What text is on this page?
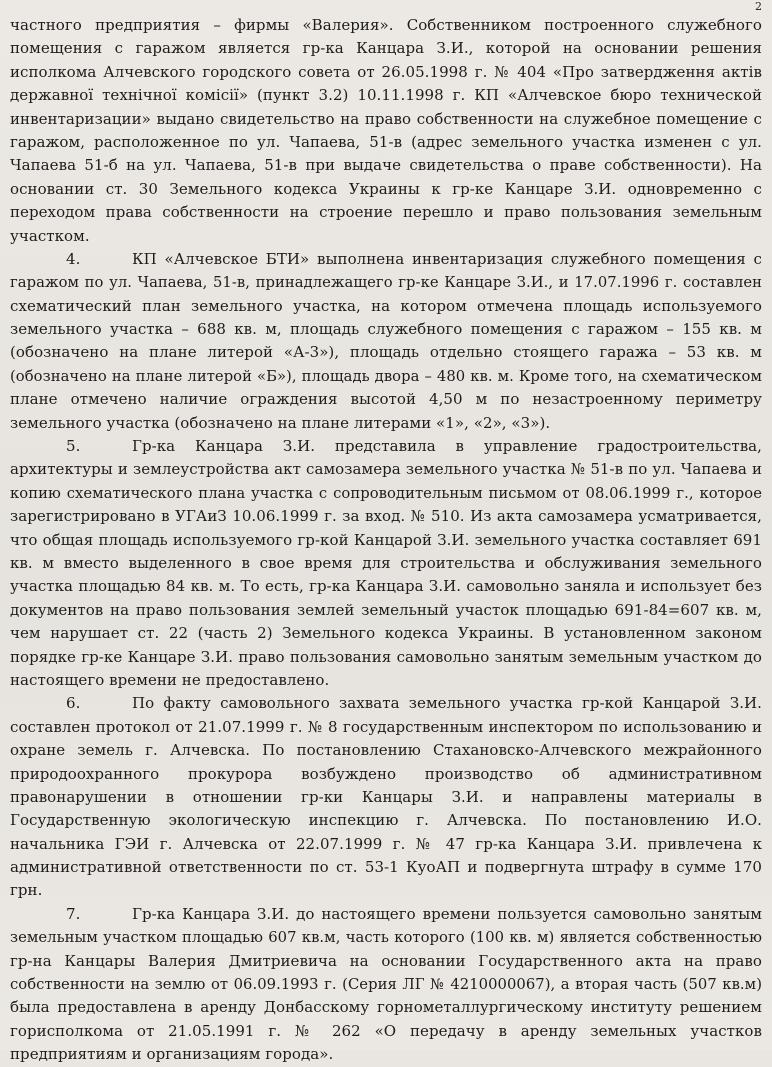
2
частного предприятия – фирмы «Валерия». Собственником построенного служебного
помещения с гаражом является гр-ка Канцара З.И., которой на основании решения
исполкома Алчевского городского совета от 26.05.1998 г. № 404 «Про затвердження актів
державної технічної комісії» (пункт 3.2) 10.11.1998 г. КП «Алчевское бюро технической
инвентаризации» выдано свидетельство на право собственности на служебное помещение с
гаражом, расположенное по ул. Чапаева, 51-в (адрес земельного участка изменен с ул.
Чапаева 51-б на ул. Чапаева, 51-в при выдаче свидетельства о праве собственности). На
основании ст. 30 Земельного кодекса Украины к гр-ке Канцаре З.И. одновременно с
переходом права собственности на строение перешло и право пользования земельным
участком.
4.	КП «Алчевское БТИ» выполнена инвентаризация служебного помещения с
гаражом по ул. Чапаева, 51-в, принадлежащего гр-ке Канцаре З.И., и 17.07.1996 г. составлен
схематический план земельного участка, на котором отмечена площадь используемого
земельного участка – 688 кв. м, площадь служебного помещения с гаражом – 155 кв. м
(обозначено на плане литерой «А-3»), площадь отдельно стоящего гаража – 53 кв. м
(обозначено на плане литерой «Б»), площадь двора – 480 кв. м. Кроме того, на схематическом
плане отмечено наличие ограждения высотой 4,50 м по незастроенному периметру
земельного участка (обозначено на плане литерами «1», «2», «3»).
5.	Гр-ка Канцара З.И. представила в управление градостроительства,
архитектуры и землеустройства акт самозамера земельного участка № 51-в по ул. Чапаева и
копию схематического плана участка с сопроводительным письмом от 08.06.1999 г., которое
зарегистрировано в УГАиЗ 10.06.1999 г. за вход. № 510. Из акта самозамера усматривается,
что общая площадь используемого гр-кой Канцарой З.И. земельного участка составляет 691
кв. м вместо выделенного в свое время для строительства и обслуживания земельного
участка площадью 84 кв. м. То есть, гр-ка Канцара З.И. самовольно заняла и использует без
документов на право пользования землей земельный участок площадью 691-84=607 кв. м,
чем нарушает ст. 22 (часть 2) Земельного кодекса Украины. В установленном законом
порядке гр-ке Канцаре З.И. право пользования самовольно занятым земельным участком до
настоящего времени не предоставлено.
6.	По факту самовольного захвата земельного участка гр-кой Канцарой З.И.
составлен протокол от 21.07.1999 г. № 8 государственным инспектором по использованию и
охране земель г. Алчевска. По постановлению Стахановско-Алчевского межрайонного
природоохранного прокурора возбуждено производство об административном
правонарушении в отношении гр-ки Канцары З.И. и направлены материалы в
Государственную экологическую инспекцию г. Алчевска. По постановлению И.О.
начальника ГЭИ г. Алчевска от 22.07.1999 г. № 47 гр-ка Канцара З.И. привлечена к
административной ответственности по ст. 53-1 КуоАП и подвергнута штрафу в сумме 170
грн.
7.	Гр-ка Канцара З.И. до настоящего времени пользуется самовольно занятым
земельным участком площадью 607 кв.м, часть которого (100 кв. м) является собственностью
гр-на Канцары Валерия Дмитриевича на основании Государственного акта на право
собственности на землю от 06.09.1993 г. (Серия ЛГ № 4210000067), а вторая часть (507 кв.м)
была предоставлена в аренду Донбасскому горнометаллургическому институту решением
горисполкома от 21.05.1991 г. № 262 «О передачу в аренду земельных участков
предприятиям и организациям города».
